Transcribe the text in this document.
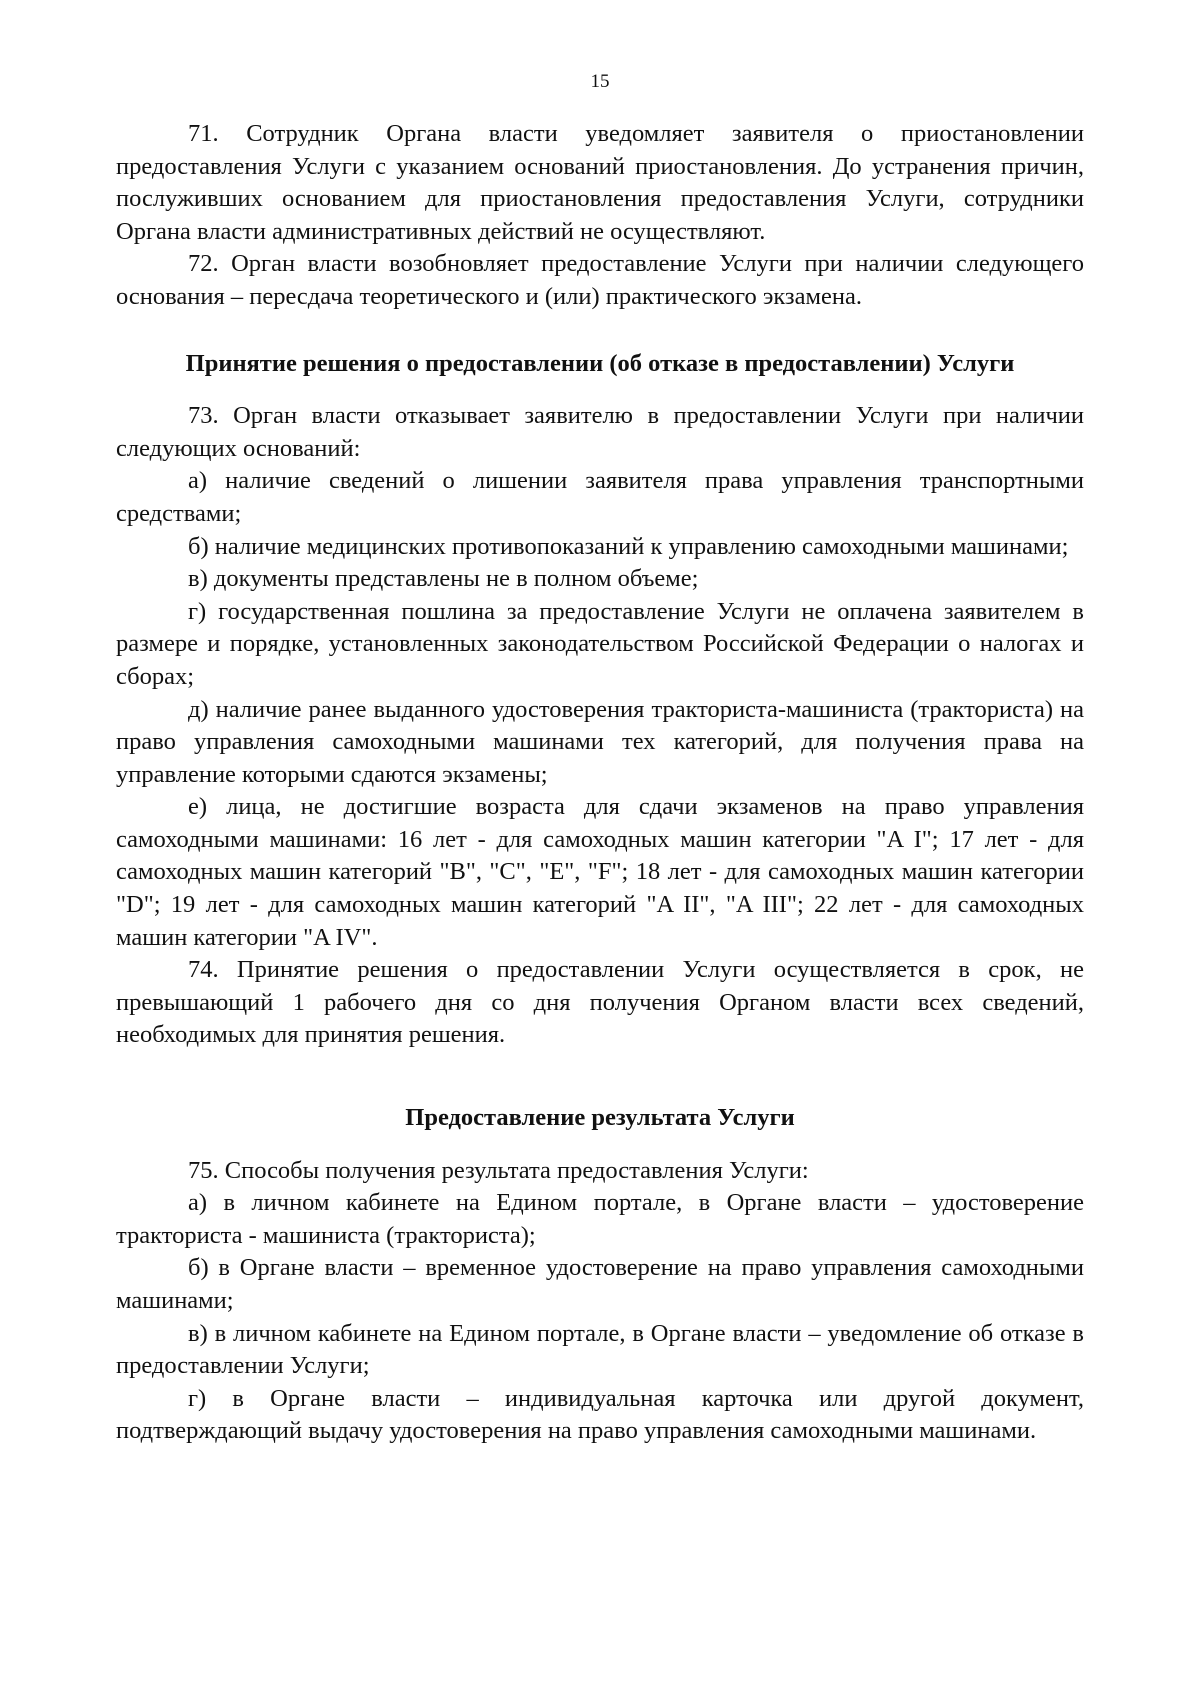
15

71. Сотрудник Органа власти уведомляет заявителя о приостановлении предоставления Услуги с указанием оснований приостановления. До устранения причин, послуживших основанием для приостановления предоставления Услуги, сотрудники Органа власти административных действий не осуществляют.

72. Орган власти возобновляет предоставление Услуги при наличии следующего основания – пересдача теоретического и (или) практического экзамена.

Принятие решения о предоставлении (об отказе в предоставлении) Услуги

73. Орган власти отказывает заявителю в предоставлении Услуги при наличии следующих оснований:

а) наличие сведений о лишении заявителя права управления транспортными средствами;

б) наличие медицинских противопоказаний к управлению самоходными машинами;

в) документы представлены не в полном объеме;

г) государственная пошлина за предоставление Услуги не оплачена заявителем в размере и порядке, установленных законодательством Российской Федерации о налогах и сборах;

д) наличие ранее выданного удостоверения тракториста-машиниста (тракториста) на право управления самоходными машинами тех категорий, для получения права на управление которыми сдаются экзамены;

е) лица, не достигшие возраста для сдачи экзаменов на право управления самоходными машинами: 16 лет - для самоходных машин категории "A I"; 17 лет - для самоходных машин категорий "B", "C", "E", "F"; 18 лет - для самоходных машин категории "D"; 19 лет - для самоходных машин категорий "A II", "A III"; 22 лет - для самоходных машин категории "A IV".

74. Принятие решения о предоставлении Услуги осуществляется в срок, не превышающий 1 рабочего дня со дня получения Органом власти всех сведений, необходимых для принятия решения.

Предоставление результата Услуги

75. Способы получения результата предоставления Услуги:

а) в личном кабинете на Едином портале, в Органе власти – удостоверение тракториста - машиниста (тракториста);

б) в Органе власти – временное удостоверение на право управления самоходными машинами;

в) в личном кабинете на Едином портале, в Органе власти – уведомление об отказе в предоставлении Услуги;

г) в Органе власти – индивидуальная карточка или другой документ, подтверждающий выдачу удостоверения на право управления самоходными машинами.
